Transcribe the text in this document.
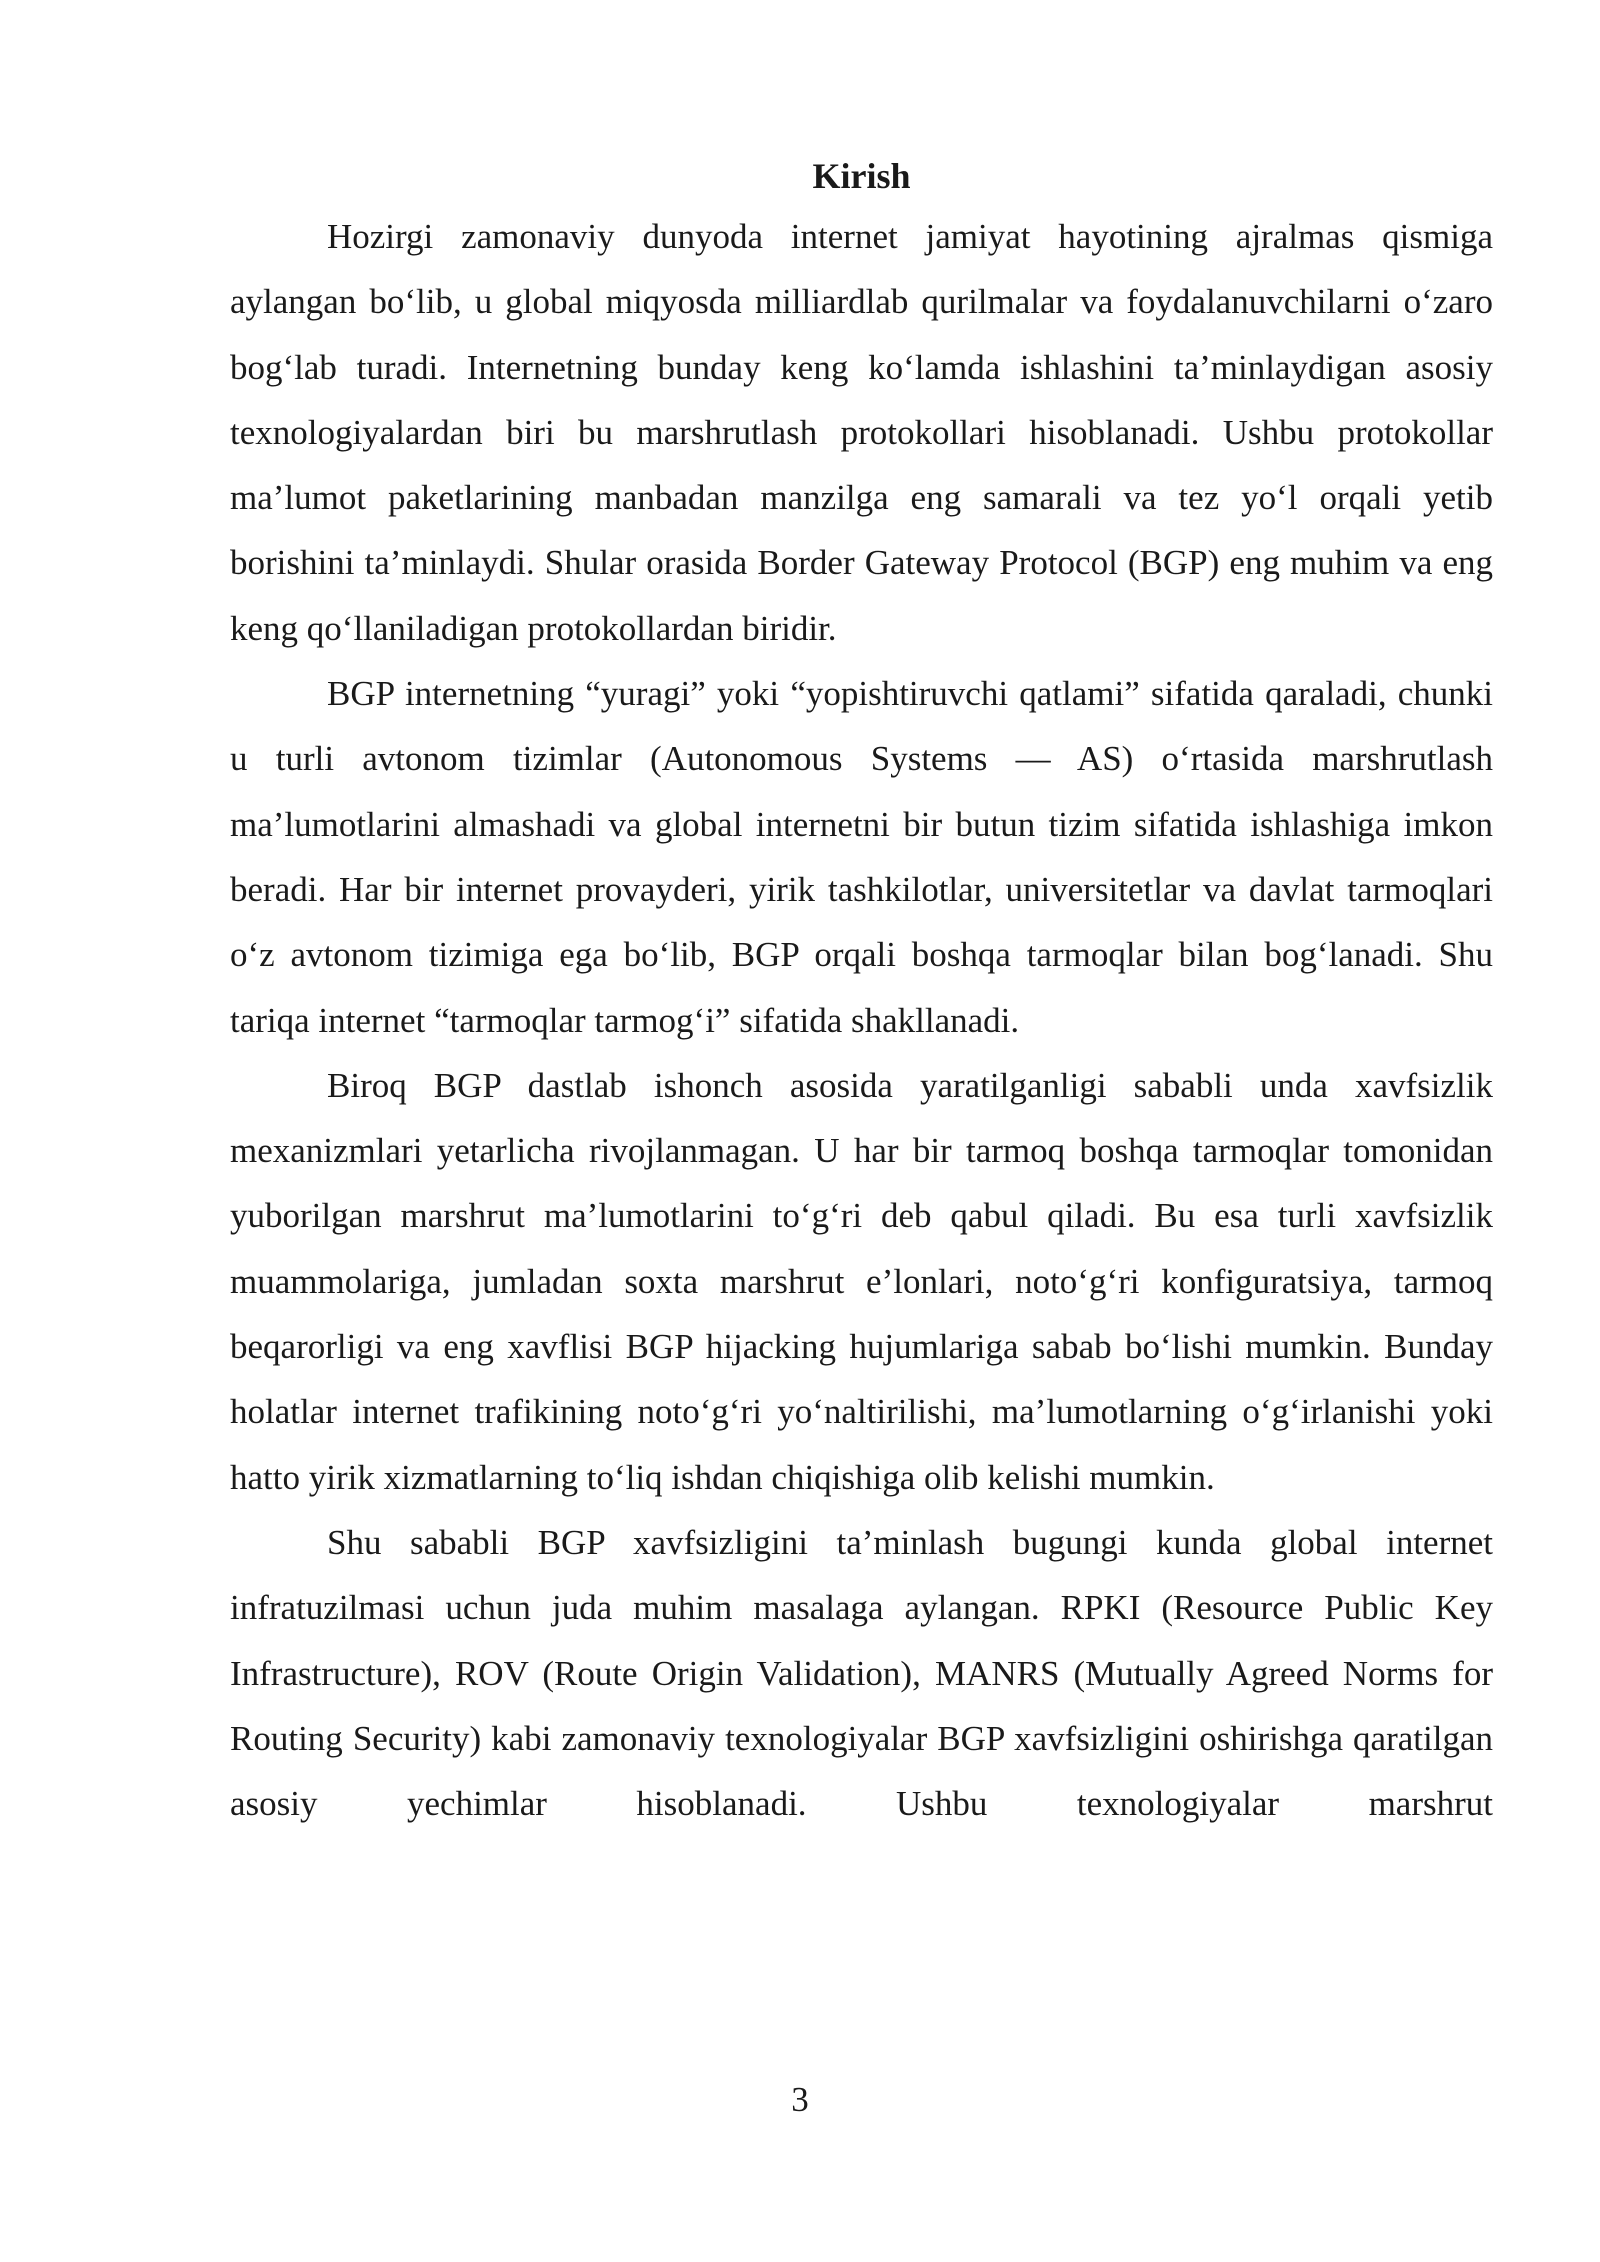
Kirish

Hozirgi zamonaviy dunyoda internet jamiyat hayotining ajralmas qismiga aylangan bo‘lib, u global miqyosda milliardlab qurilmalar va foydalanuvchilarni o‘zaro bog‘lab turadi. Internetning bunday keng ko‘lamda ishlashini ta’minlaydigan asosiy texnologiyalardan biri bu marshrutlash protokollari hisoblanadi. Ushbu protokollar ma’lumot paketlarining manbadan manzilga eng samarali va tez yo‘l orqali yetib borishini ta’minlaydi. Shular orasida Border Gateway Protocol (BGP) eng muhim va eng keng qo‘llaniladigan protokollardan biridir.

BGP internetning “yuragi” yoki “yopishtiruvchi qatlami” sifatida qaraladi, chunki u turli avtonom tizimlar (Autonomous Systems — AS) o‘rtasida marshrutlash ma’lumotlarini almashadi va global internetni bir butun tizim sifatida ishlashiga imkon beradi. Har bir internet provayderi, yirik tashkilotlar, universitetlar va davlat tarmoqlari o‘z avtonom tizimiga ega bo‘lib, BGP orqali boshqa tarmoqlar bilan bog‘lanadi. Shu tariqa internet “tarmoqlar tarmog‘i” sifatida shakllanadi.

Biroq BGP dastlab ishonch asosida yaratilganligi sababli unda xavfsizlik mexanizmlari yetarlicha rivojlanmagan. U har bir tarmoq boshqa tarmoqlar tomonidan yuborilgan marshrut ma’lumotlarini to‘g‘ri deb qabul qiladi. Bu esa turli xavfsizlik muammolariga, jumladan soxta marshrut e’lonlari, noto‘g‘ri konfiguratsiya, tarmoq beqarorligi va eng xavflisi BGP hijacking hujumlariga sabab bo‘lishi mumkin. Bunday holatlar internet trafikining noto‘g‘ri yo‘naltirilishi, ma’lumotlarning o‘g‘irlanishi yoki hatto yirik xizmatlarning to‘liq ishdan chiqishiga olib kelishi mumkin.

Shu sababli BGP xavfsizligini ta’minlash bugungi kunda global internet infratuzilmasi uchun juda muhim masalaga aylangan. RPKI (Resource Public Key Infrastructure), ROV (Route Origin Validation), MANRS (Mutually Agreed Norms for Routing Security) kabi zamonaviy texnologiyalar BGP xavfsizligini oshirishga qaratilgan asosiy yechimlar hisoblanadi. Ushbu texnologiyalar marshrut

3
